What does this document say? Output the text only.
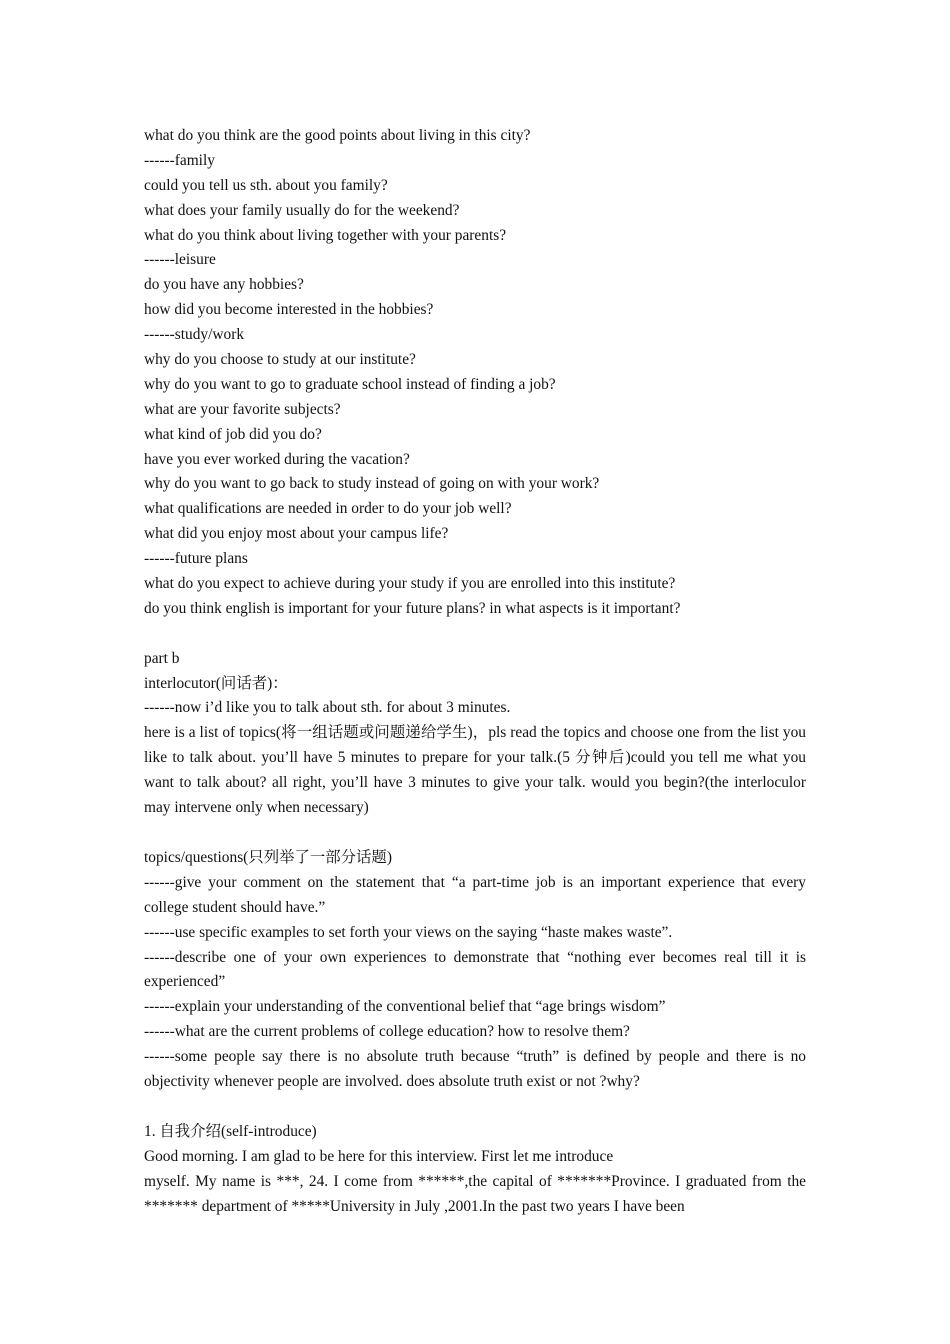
what do you think are the good points about living in this city?
------family
could you tell us sth. about you family?
what does your family usually do for the weekend?
what do you think about living together with your parents?
------leisure
do you have any hobbies?
how did you become interested in the hobbies?
------study/work
why do you choose to study at our institute?
why do you want to go to graduate school instead of finding a job?
what are your favorite subjects?
what kind of job did you do?
have you ever worked during the vacation?
why do you want to go back to study instead of going on with your work?
what qualifications are needed in order to do your job well?
what did you enjoy most about your campus life?
------future plans
what do you expect to achieve during your study if you are enrolled into this institute?
do you think english is important for your future plans? in what aspects is it important?
part b
interlocutor(问话者)：
------now i’d like you to talk about sth. for about 3 minutes.
here is a list of topics(将一组话题或问题递给学生)，pls read the topics and choose one from the list you like to talk about. you’ll have 5 minutes to prepare for your talk.(5 分钟后)could you tell me what you want to talk about? all right, you’ll have 3 minutes to give your talk. would you begin?(the interloculor may intervene only when necessary)
topics/questions(只列举了一部分话题)
------give your comment on the statement that “a part-time job is an important experience that every college student should have.”
------use specific examples to set forth your views on the saying “haste makes waste”.
------describe one of your own experiences to demonstrate that “nothing ever becomes real till it is experienced”
------explain your understanding of the conventional belief that “age brings wisdom”
------what are the current problems of college education? how to resolve them?
------some people say there is no absolute truth because “truth” is defined by people and there is no objectivity whenever people are involved. does absolute truth exist or not ?why?
1. 自我介绍(self-introduce)
Good morning. I am glad to be here for this interview. First let me introduce
myself. My name is ***, 24. I come from ******,the capital of *******Province. I graduated from the ******* department of *****University in July ,2001.In the past two years I have been
